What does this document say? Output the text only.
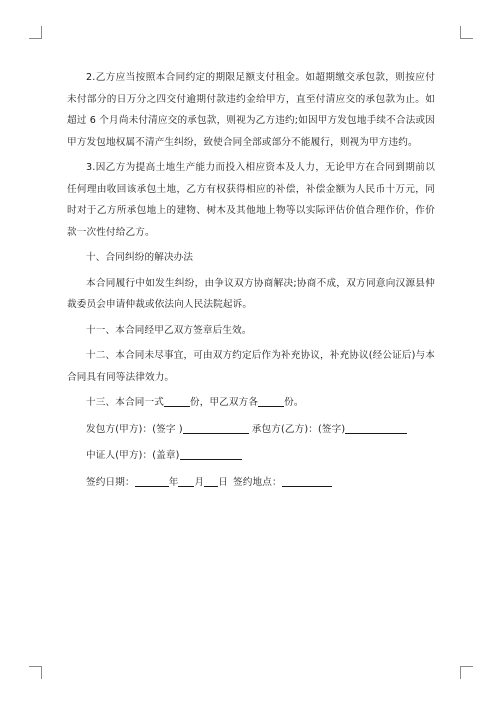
2.乙方应当按照本合同约定的期限足额支付租金。如超期缴交承包款，则按应付未付部分的日万分之四交付逾期付款违约金给甲方，直至付清应交的承包款为止。如超过 6 个月尚未付清应交的承包款，则视为乙方违约;如因甲方发包地手续不合法或因甲方发包地权属不清产生纠纷，致使合同全部或部分不能履行，则视为甲方违约。

3.因乙方为提高土地生产能力而投入相应资本及人力，无论甲方在合同到期前以任何理由收回该承包土地，乙方有权获得相应的补偿，补偿金额为人民币十万元，同时对于乙方所承包地上的建物、树木及其他地上物等以实际评估价值合理作价，作价款一次性付给乙方。

十、合同纠纷的解决办法

本合同履行中如发生纠纷，由争议双方协商解决;协商不成，双方同意向汉源县仲裁委员会申请仲裁或依法向人民法院起诉。

十一、本合同经甲乙双方签章后生效。

十二、本合同未尽事宜，可由双方约定后作为补充协议，补充协议(经公证后)与本合同具有同等法律效力。

十三、本合同一式	份，甲乙双方各	份。
发包方(甲方)：(签字 )	承包方(乙方)：(签字)
中证人(甲方)：(盖章)
签约日期：	年 月 日 签约地点：
